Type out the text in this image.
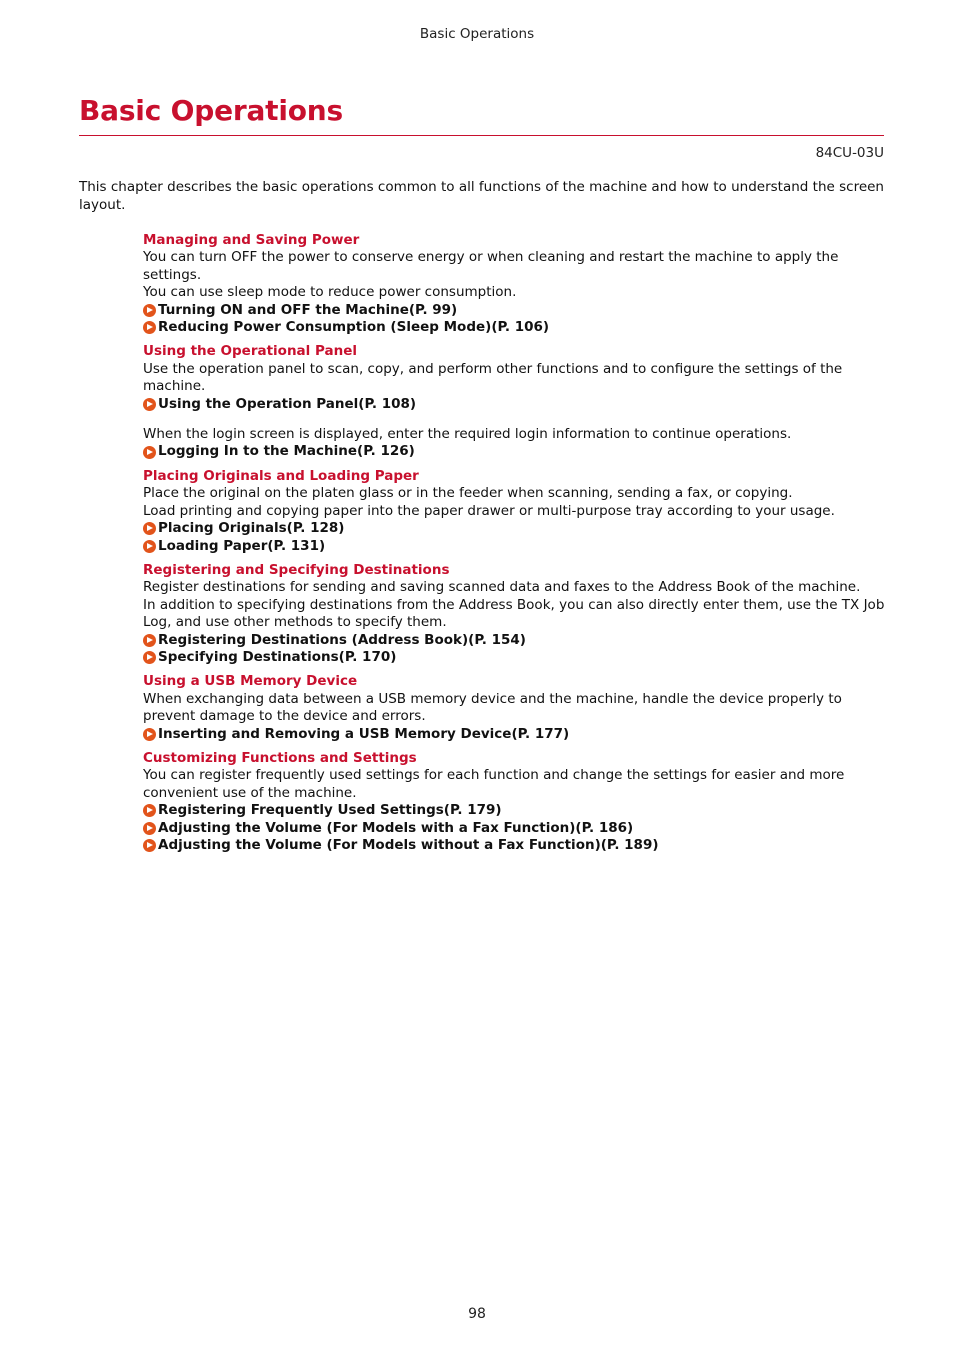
Basic Operations
Basic Operations
84CU-03U

This chapter describes the basic operations common to all functions of the machine and how to understand the screen layout.

Managing and Saving Power

You can turn OFF the power to conserve energy or when cleaning and restart the machine to apply the settings.

You can use sleep mode to reduce power consumption.

Turning ON and OFF the Machine(P. 99)
Reducing Power Consumption (Sleep Mode)(P. 106)

Using the Operational Panel

Use the operation panel to scan, copy, and perform other functions and to configure the settings of the machine.

Using the Operation Panel(P. 108)

When the login screen is displayed, enter the required login information to continue operations.

Logging In to the Machine(P. 126)

Placing Originals and Loading Paper

Place the original on the platen glass or in the feeder when scanning, sending a fax, or copying.

Load printing and copying paper into the paper drawer or multi-purpose tray according to your usage.

Placing Originals(P. 128)
Loading Paper(P. 131)

Registering and Specifying Destinations

Register destinations for sending and saving scanned data and faxes to the Address Book of the machine.

In addition to specifying destinations from the Address Book, you can also directly enter them, use the TX Job Log, and use other methods to specify them.

Registering Destinations (Address Book)(P. 154)
Specifying Destinations(P. 170)

Using a USB Memory Device

When exchanging data between a USB memory device and the machine, handle the device properly to prevent damage to the device and errors.

Inserting and Removing a USB Memory Device(P. 177)

Customizing Functions and Settings

You can register frequently used settings for each function and change the settings for easier and more convenient use of the machine.

Registering Frequently Used Settings(P. 179)
Adjusting the Volume (For Models with a Fax Function)(P. 186)
Adjusting the Volume (For Models without a Fax Function)(P. 189)
98
